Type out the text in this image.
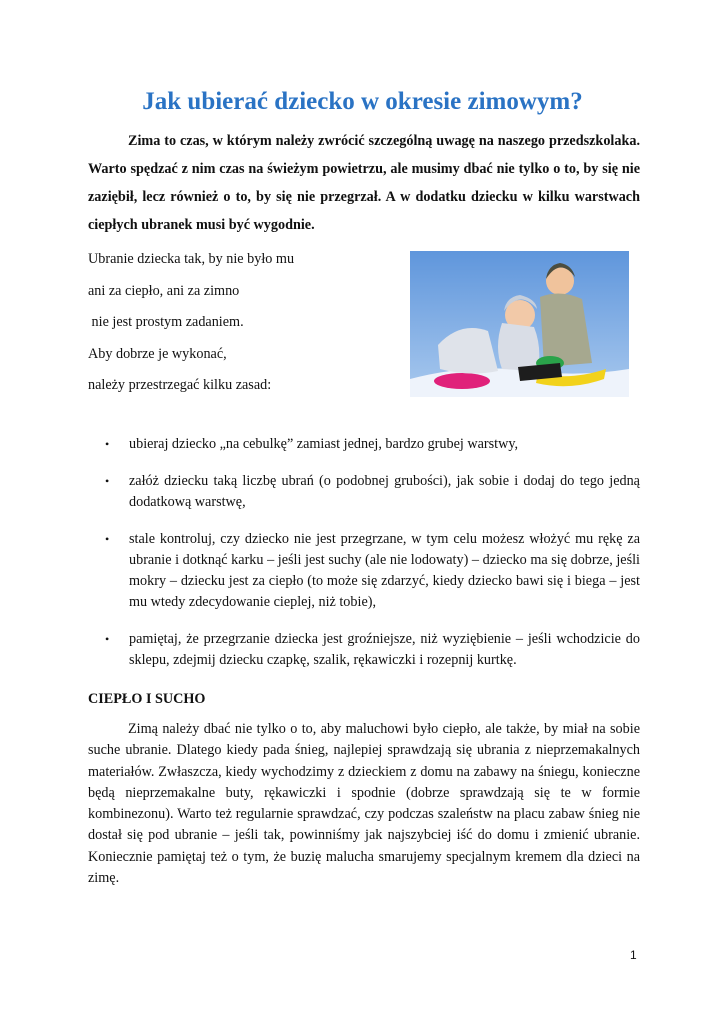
Jak ubierać dziecko w okresie zimowym?

Zima to czas, w którym należy zwrócić szczególną uwagę na naszego przedszkolaka. Warto spędzać z nim czas na świeżym powietrzu, ale musimy dbać nie tylko o to, by się nie zaziębił, lecz również o to, by się nie przegrzał. A w dodatku dziecku w kilku warstwach ciepłych ubranek musi być wygodnie.

Ubranie dziecka tak, by nie było mu
ani za ciepło, ani za zimno
nie jest prostym zadaniem.
Aby dobrze je wykonać,
należy przestrzegać kilku zasad:
• ubieraj dziecko „na cebulkę” zamiast jednej, bardzo grubej warstwy,
• załóż dziecku taką liczbę ubrań (o podobnej grubości), jak sobie i dodaj do tego jedną dodatkową warstwę,
• stale kontroluj, czy dziecko nie jest przegrzane, w tym celu możesz włożyć mu rękę za ubranie i dotknąć karku – jeśli jest suchy (ale nie lodowaty) – dziecko ma się dobrze, jeśli mokry – dziecku jest za ciepło (to może się zdarzyć, kiedy dziecko bawi się i biega – jest mu wtedy zdecydowanie cieplej, niż tobie),
• pamiętaj, że przegrzanie dziecka jest groźniejsze, niż wyziębienie – jeśli wchodzicie do sklepu, zdejmij dziecku czapkę, szalik, rękawiczki i rozepnij kurtkę.
CIEPŁO I SUCHO

Zimą należy dbać nie tylko o to, aby maluchowi było ciepło, ale także, by miał na sobie suche ubranie. Dlatego kiedy pada śnieg, najlepiej sprawdzają się ubrania z nieprzemakalnych materiałów. Zwłaszcza, kiedy wychodzimy z dzieckiem z domu na zabawy na śniegu, konieczne będą nieprzemakalne buty, rękawiczki i spodnie (dobrze sprawdzają się te w formie kombinezonu). Warto też regularnie sprawdzać, czy podczas szaleństw na placu zabaw śnieg nie dostał się pod ubranie – jeśli tak, powinniśmy jak najszybciej iść do domu i zmienić ubranie. Koniecznie pamiętaj też o tym, że buzię malucha smarujemy specjalnym kremem dla dzieci na zimę.

1
